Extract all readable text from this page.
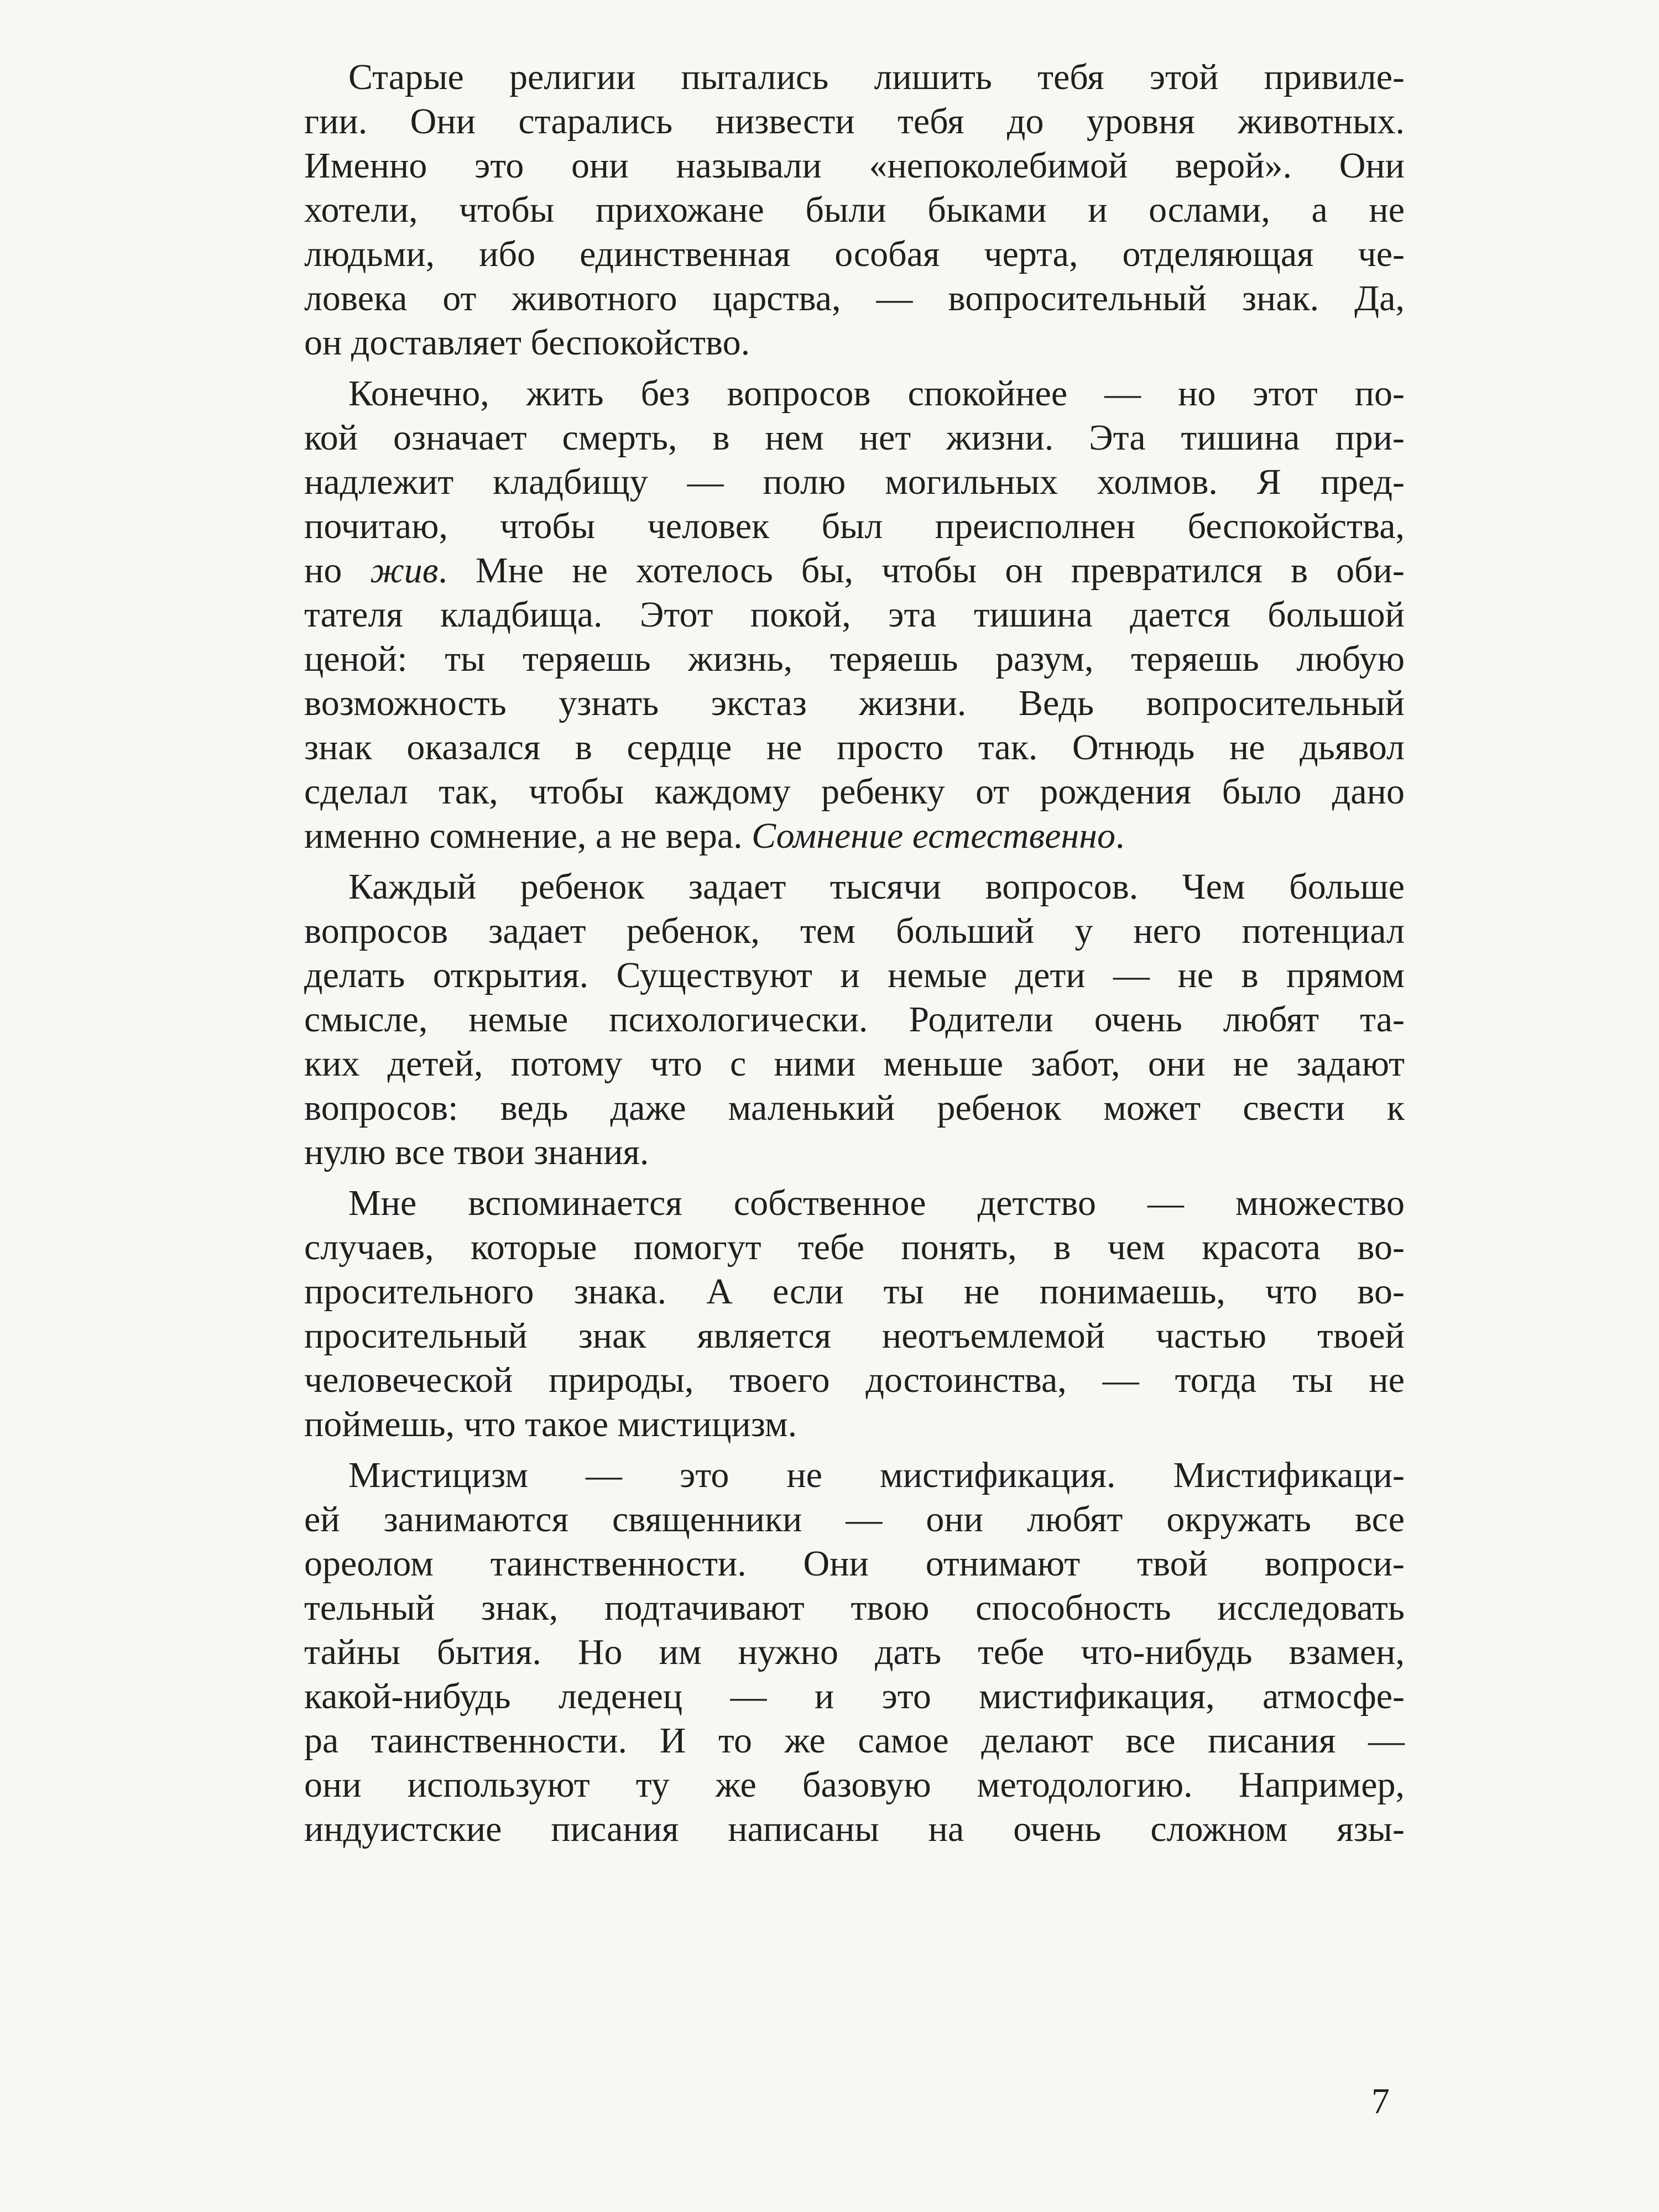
Старые религии пытались лишить тебя этой привиле-
гии. Они старались низвести тебя до уровня животных.
Именно это они называли «непоколебимой верой». Они
хотели, чтобы прихожане были быками и ослами, а не
людьми, ибо единственная особая черта, отделяющая че-
ловека от животного царства, — вопросительный знак. Да,
он доставляет беспокойство.
Конечно, жить без вопросов спокойнее — но этот по-
кой означает смерть, в нем нет жизни. Эта тишина при-
надлежит кладбищу — полю могильных холмов. Я пред-
почитаю, чтобы человек был преисполнен беспокойства,
но жив. Мне не хотелось бы, чтобы он превратился в оби-
тателя кладбища. Этот покой, эта тишина дается большой
ценой: ты теряешь жизнь, теряешь разум, теряешь любую
возможность узнать экстаз жизни. Ведь вопросительный
знак оказался в сердце не просто так. Отнюдь не дьявол
сделал так, чтобы каждому ребенку от рождения было дано
именно сомнение, а не вера. Сомнение естественно.
Каждый ребенок задает тысячи вопросов. Чем больше
вопросов задает ребенок, тем больший у него потенциал
делать открытия. Существуют и немые дети — не в прямом
смысле, немые психологически. Родители очень любят та-
ких детей, потому что с ними меньше забот, они не задают
вопросов: ведь даже маленький ребенок может свести к
нулю все твои знания.
Мне вспоминается собственное детство — множество
случаев, которые помогут тебе понять, в чем красота во-
просительного знака. А если ты не понимаешь, что во-
просительный знак является неотъемлемой частью твоей
человеческой природы, твоего достоинства, — тогда ты не
поймешь, что такое мистицизм.
Мистицизм — это не мистификация. Мистификаци-
ей занимаются священники — они любят окружать все
ореолом таинственности. Они отнимают твой вопроси-
тельный знак, подтачивают твою способность исследовать
тайны бытия. Но им нужно дать тебе что-нибудь взамен,
какой-нибудь леденец — и это мистификация, атмосфе-
ра таинственности. И то же самое делают все писания —
они используют ту же базовую методологию. Например,
индуистские писания написаны на очень сложном язы-
7
